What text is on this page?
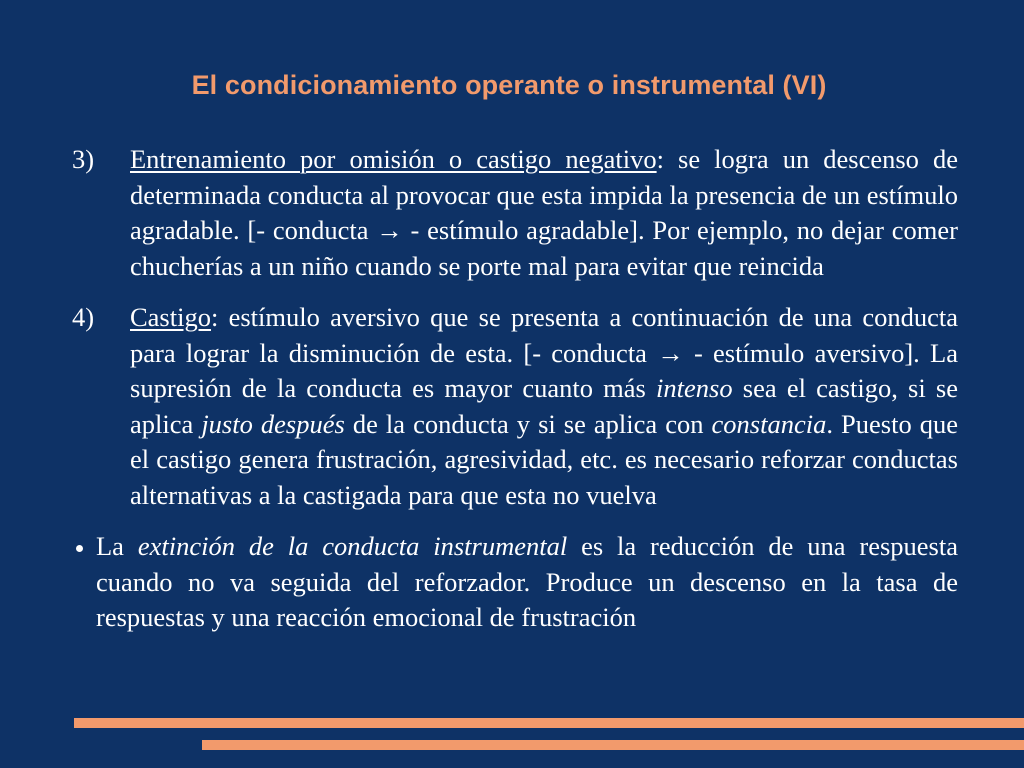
El condicionamiento operante o instrumental (VI)
3)	Entrenamiento por omisión o castigo negativo: se logra un descenso de determinada conducta al provocar que esta impida la presencia de un estímulo agradable. [- conducta → - estímulo agradable]. Por ejemplo, no dejar comer chucherías a un niño cuando se porte mal para evitar que reincida
4)	Castigo: estímulo aversivo que se presenta a continuación de una conducta para lograr la disminución de esta. [- conducta → - estímulo aversivo]. La supresión de la conducta es mayor cuanto más intenso sea el castigo, si se aplica justo después de la conducta y si se aplica con constancia. Puesto que el castigo genera frustración, agresividad, etc. es necesario reforzar conductas alternativas a la castigada para que esta no vuelva
La extinción de la conducta instrumental es la reducción de una respuesta cuando no va seguida del reforzador. Produce un descenso en la tasa de respuestas y una reacción emocional de frustración
